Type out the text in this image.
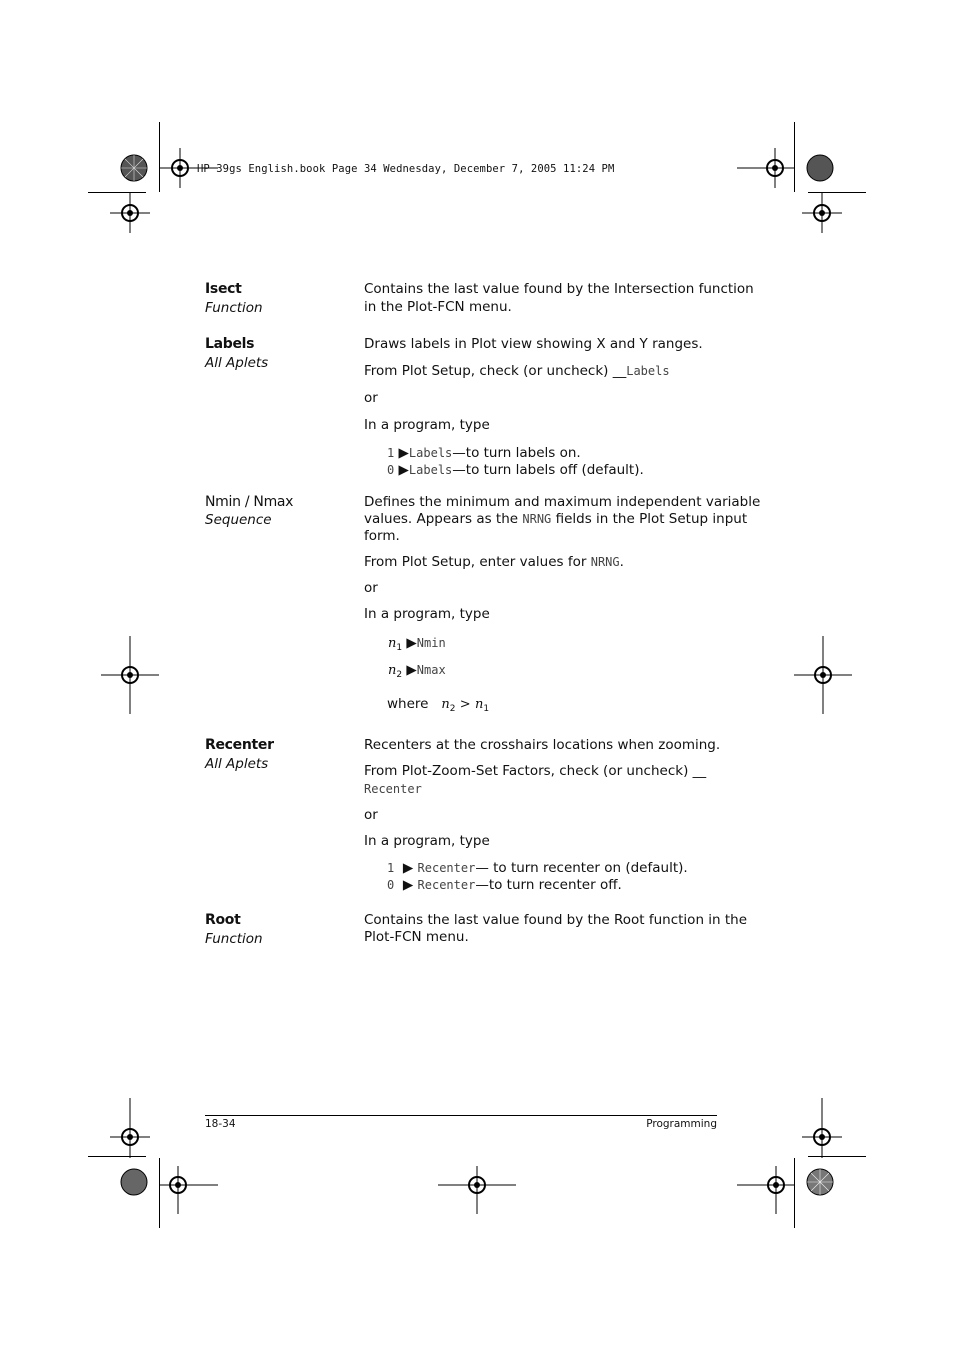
HP 39gs English.book Page 34 Wednesday, December 7, 2005 11:24 PM
Isect
Function
Contains the last value found by the Intersection function
in the Plot-FCN menu.
Labels
All Aplets
Draws labels in Plot view showing X and Y ranges.
From Plot Setup, check (or uncheck) __Labels
or
In a program, type
1 ▶Labels—to turn labels on.
0 ▶Labels—to turn labels off (default).
Nmin / Nmax
Sequence
Defines the minimum and maximum independent variable
values. Appears as the NRNG fields in the Plot Setup input
form.
From Plot Setup, enter values for NRNG.
or
In a program, type
$n_1$ ▶Nmin
$n_2$ ▶Nmax
where $n_2 > n_1$
Recenter
All Aplets
Recenters at the crosshairs locations when zooming.
From Plot-Zoom-Set Factors, check (or uncheck) __
Recenter
or
In a program, type
1 ▶ Recenter— to turn recenter on (default).
0 ▶ Recenter—to turn recenter off.
Root
Function
Contains the last value found by the Root function in the
Plot-FCN menu.
18-34	Programming
